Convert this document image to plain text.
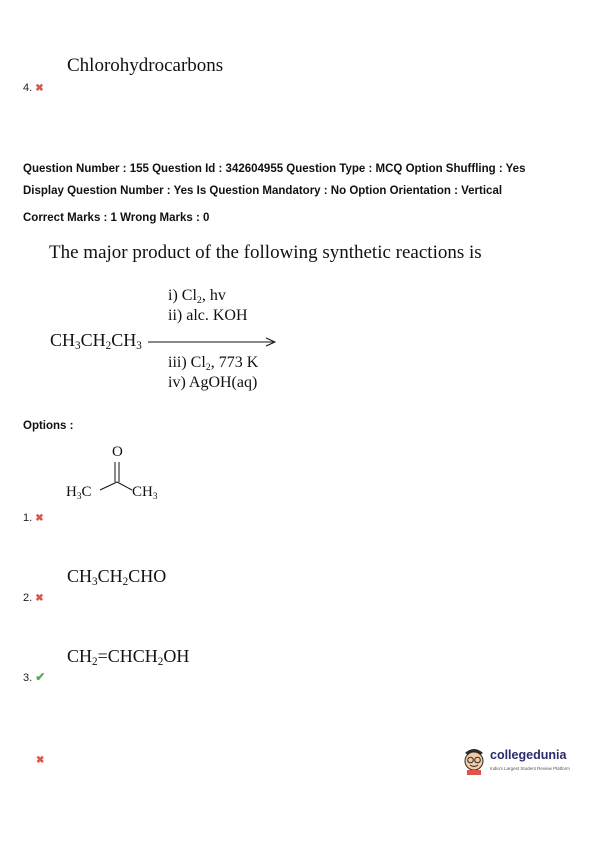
Chlorohydrocarbons
4. ✖
Question Number : 155 Question Id : 342604955 Question Type : MCQ Option Shuffling : Yes
Display Question Number : Yes Is Question Mandatory : No Option Orientation : Vertical
Correct Marks : 1 Wrong Marks : 0
The major product of the following synthetic reactions is
i) $Cl_2$, hv
ii) alc. KOH
$CH_3CH_2CH_3$
iii) $Cl_2$, 773 K
iv) AgOH(aq)
Options :
O
$H_3C$	$CH_3$
1. ✖
$CH_3CH_2CHO$
2. ✖
$CH_2=CHCH_2OH$
3. ✔
✖	collegedunia
India's Largest Student Review Platform
